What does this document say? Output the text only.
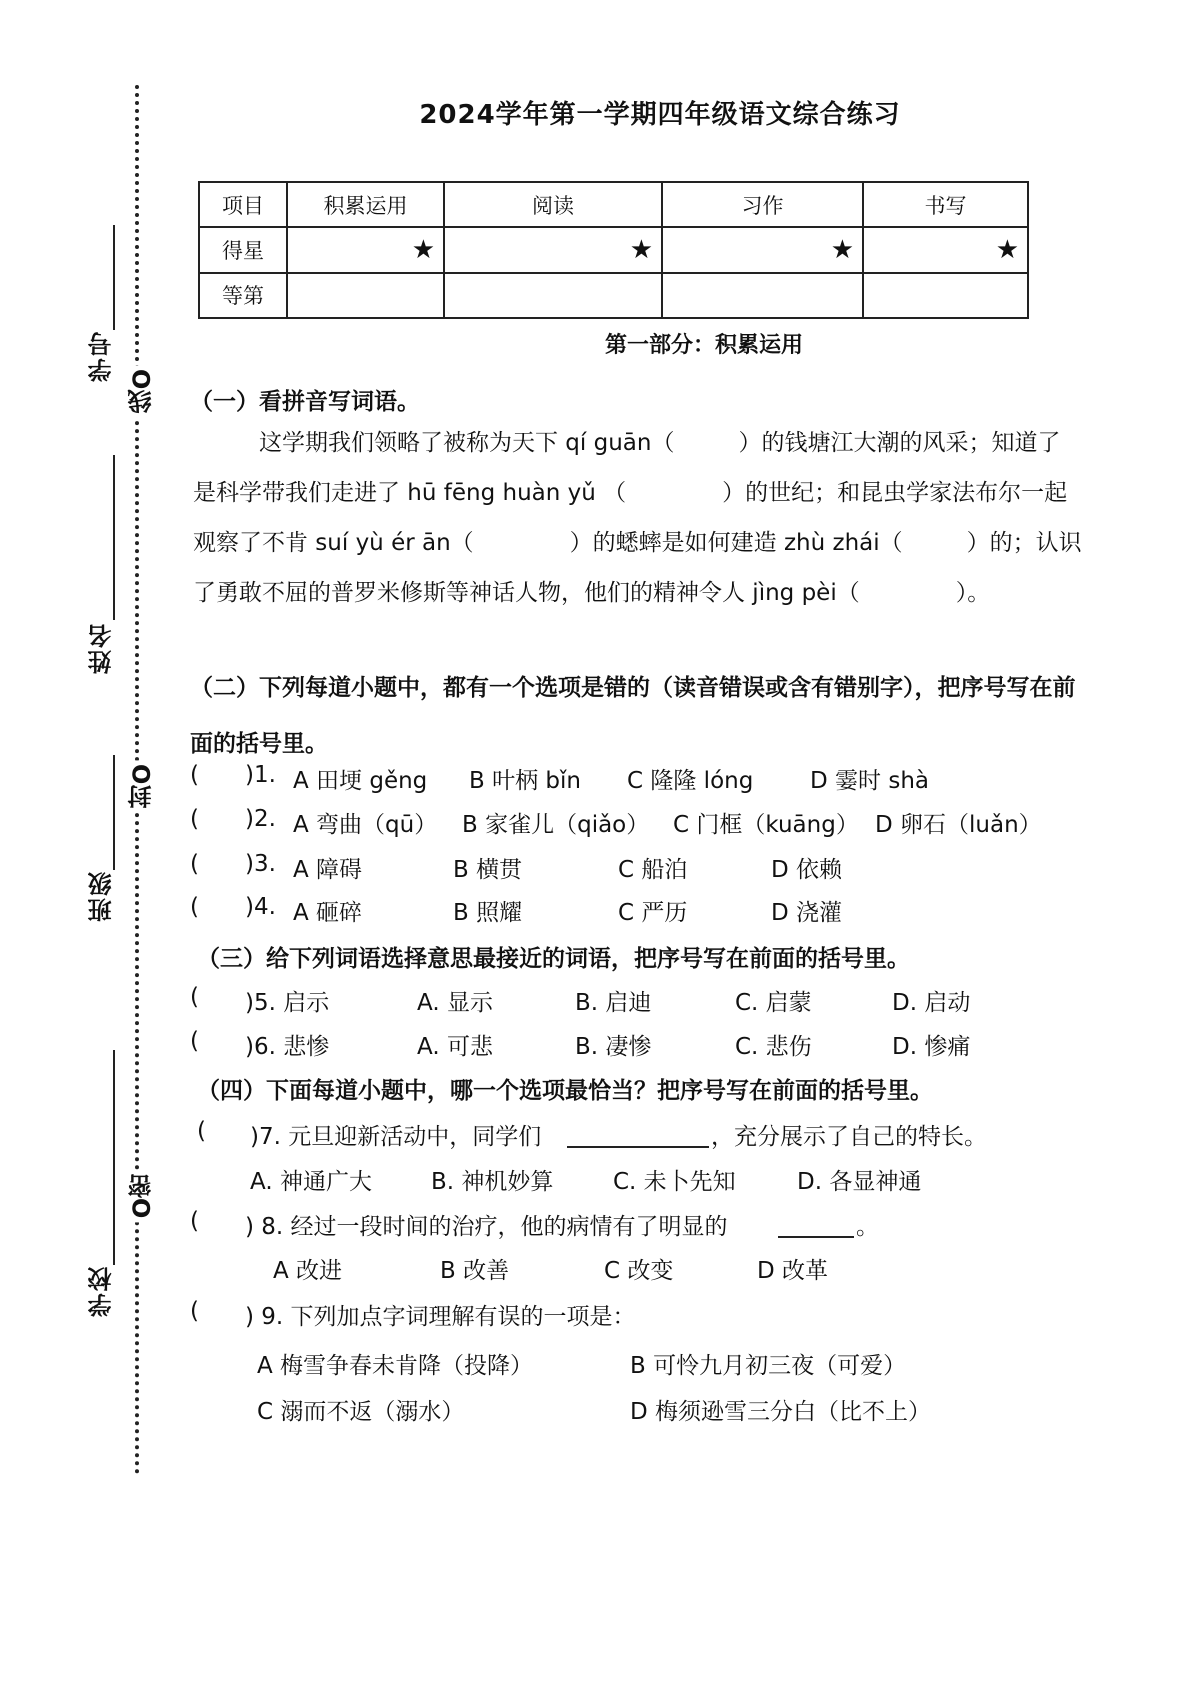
学号
线O
姓名
封O
班级
O密
学校
2024学年第一学期四年级语文综合练习
项目	积累运用	阅读	习作	书写
得星	★	★	★	★

等第				
第一部分：积累运用
（一）看拼音写词语。
这学期我们领略了被称为天下 qí guān（	）的钱塘江大潮的风采；知道了是科学带我们走进了 hū fēng huàn yǔ （	）的世纪；和昆虫学家法布尔一起观察了不肯 suí yù ér ān（	）的蟋蟀是如何建造 zhù zhái（	）的；认识了勇敢不屈的普罗米修斯等神话人物，他们的精神令人 jìng pèi（	）。
（二）下列每道小题中，都有一个选项是错的（读音错误或含有错别字），把序号写在前面的括号里。
( )1. A 田埂 gěng B 叶柄 bǐn C 隆隆 lóng D 霎时 shà
( )2. A 弯曲（qū） B 家雀儿（qiǎo） C 门框（kuāng） D 卵石（luǎn）
( )3. A 障碍	B 横贯	C 船泊	D 依赖
( )4. A 砸碎	B 照耀	C 严历	D 浇灌
（三）给下列词语选择意思最接近的词语，把序号写在前面的括号里。
( )5. 启示	A. 显示	B. 启迪	C. 启蒙	D. 启动
( )6. 悲惨	A. 可悲	B. 凄惨	C. 悲伤	D. 惨痛
（四）下面每道小题中，哪一个选项最恰当？把序号写在前面的括号里。
( )7. 元旦迎新活动中，同学们	，充分展示了自己的特长。
A. 神通广大	B. 神机妙算	C. 未卜先知	D. 各显神通
( ) 8. 经过一段时间的治疗，他的病情有了明显的	。
A 改进	B 改善	C 改变	D 改革
( ) 9. 下列加点字词理解有误的一项是：
A 梅雪争春未肯降（投降）	B 可怜九月初三夜（可爱）
C 溺而不返（溺水）	D 梅须逊雪三分白（比不上）
